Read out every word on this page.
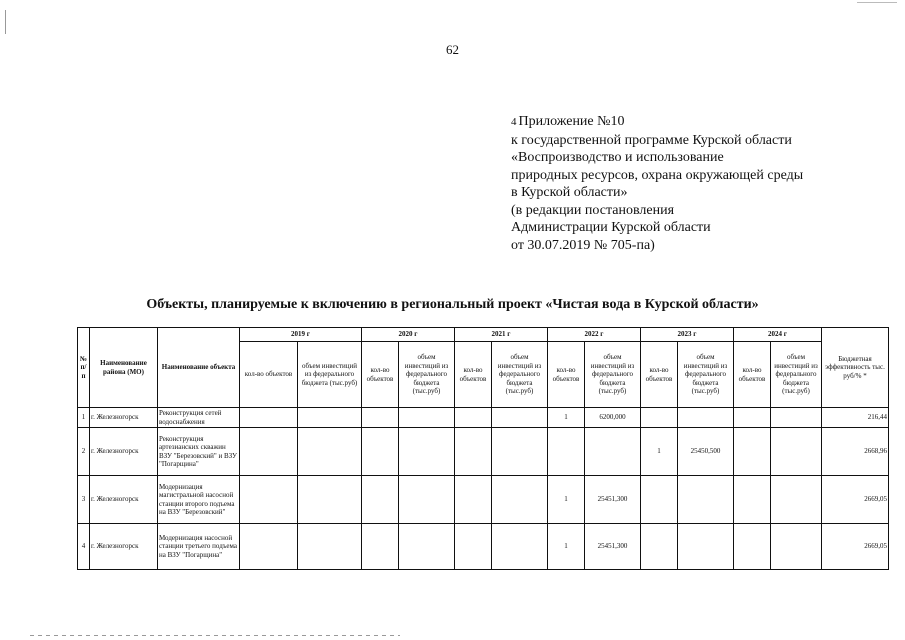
62
4 Приложение №10
к государственной программе Курской области
«Воспроизводство и использование
природных ресурсов, охрана окружающей среды
в Курской области»
(в редакции постановления
Администрации Курской области
от 30.07.2019 № 705-па)
Объекты, планируемые к включению в региональный проект «Чистая вода в Курской области»
№ п/п	Наименование района (МО)	Наименование объекта	2019 г		2020 г		2021 г		2022 г		2023 г		2024 г		Бюджетная эффективность тыс. руб/% *
			кол-во объектов	объем инвестиций из федерального бюджета (тыс.руб)	кол-во объектов	объем инвестиций из федерального бюджета (тыс.руб)	кол-во объектов	объем инвестиций из федерального бюджета (тыс.руб)	кол-во объектов	объем инвестиций из федерального бюджета (тыс.руб)	кол-во объектов	объем инвестиций из федерального бюджета (тыс.руб)	кол-во объектов	объем инвестиций из федерального бюджета (тыс.руб)	
1	г. Железногорск	Реконструкция сетей водоснабжения							1	6200,000					216,44
2	г. Железногорск	Реконструкция артезианских скважин ВЗУ "Березовский" и ВЗУ "Погарщина"									1	25450,500			2668,96
3	г. Железногорск	Модернизация магистральной насосной станции второго подъема на ВЗУ "Березовский"							1	25451,300					2669,05
4	г. Железногорск	Модернизация насосной станции третьего подъема на ВЗУ "Погарщина"							1	25451,300					2669,05
